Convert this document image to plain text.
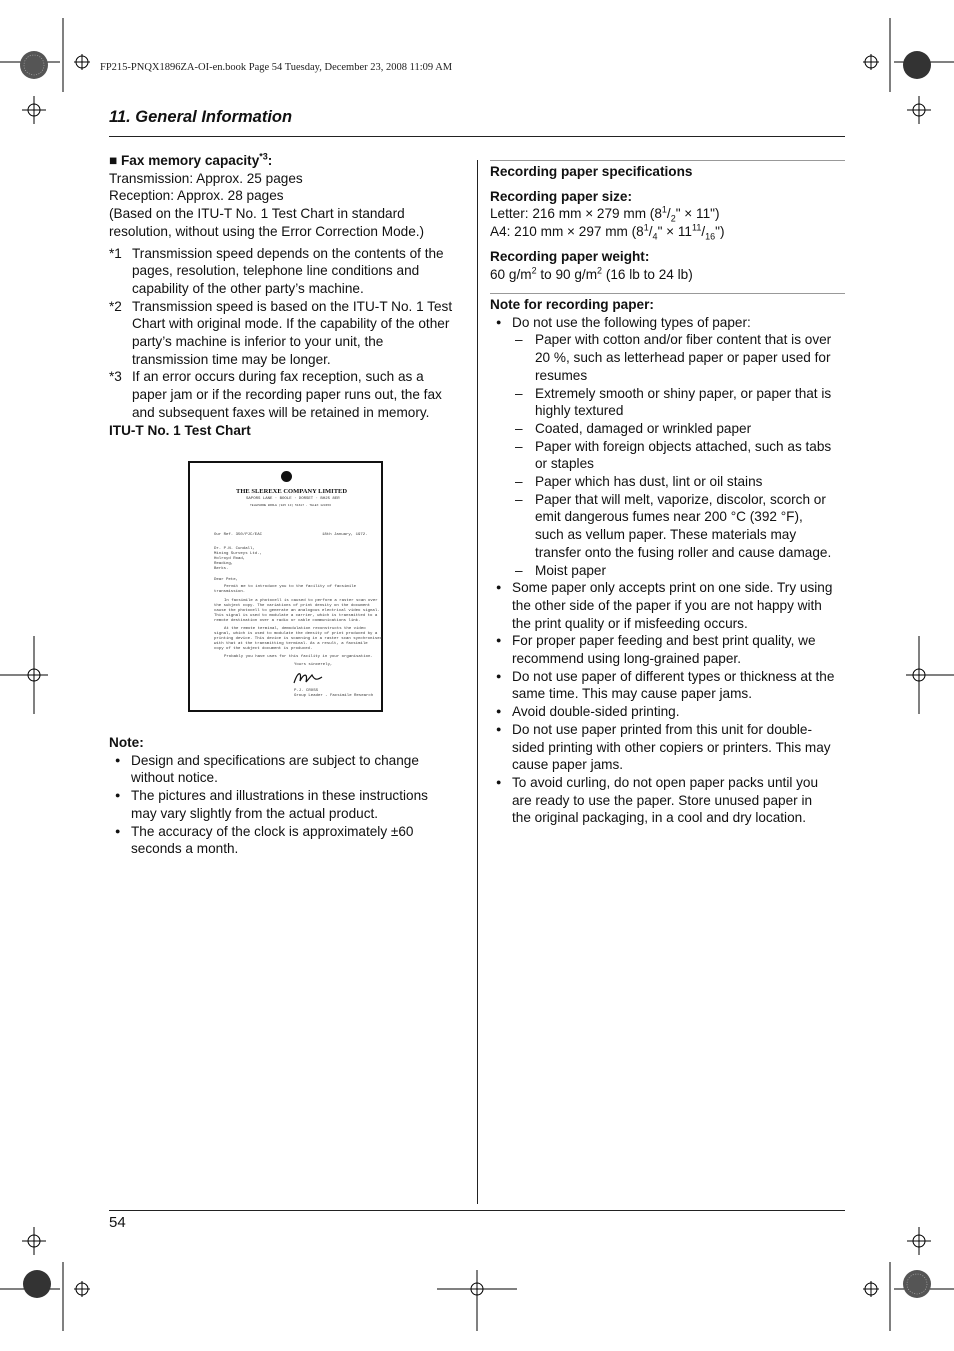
FP215-PNQX1896ZA-OI-en.book Page 54 Tuesday, December 23, 2008 11:09 AM
11. General Information
■ Fax memory capacity$^{*3}$:
Transmission: Approx. 25 pages
Reception: Approx. 28 pages
(Based on the ITU-T No. 1 Test Chart in standard
resolution, without using the Error Correction Mode.)
*1 Transmission speed depends on the contents of the
pages, resolution, telephone line conditions and
capability of the other party’s machine.
*2 Transmission speed is based on the ITU-T No. 1 Test
Chart with original mode. If the capability of the other
party’s machine is inferior to your unit, the
transmission time may be longer.
*3 If an error occurs during fax reception, such as a
paper jam or if the recording paper runs out, the fax
and subsequent faxes will be retained in memory.
ITU-T No. 1 Test Chart
THE SLEREXE COMPANY LIMITED
SAPORS LANE · BOOLE · DORSET · BH25 8ER
TELEPHONE BOOLE (945 13) 51617 · TELEX 123456
Our Ref. 350/PJC/EAC	18th January, 1972.
Dr. P.N. Cundall,
Mining Surveys Ltd.,
Holroyd Road,
Reading,
Berks.
Dear Pete,
Permit me to introduce you to the facility of facsimile
transmission.
In facsimile a photocell is caused to perform a raster scan over
the subject copy. The variations of print density on the document
cause the photocell to generate an analogous electrical video signal.
This signal is used to modulate a carrier, which is transmitted to a
remote destination over a radio or cable communications link.
At the remote terminal, demodulation reconstructs the video
signal, which is used to modulate the density of print produced by a
printing device. This device is scanning in a raster scan synchronised
with that at the transmitting terminal. As a result, a facsimile
copy of the subject document is produced.
Probably you have uses for this facility in your organisation.
Yours sincerely,
P.J. CROSS
Group Leader - Facsimile Research
Note:
● Design and specifications are subject to change
without notice.
● The pictures and illustrations in these instructions
may vary slightly from the actual product.
● The accuracy of the clock is approximately ±60
seconds a month.
Recording paper specifications
Recording paper size:
Letter: 216 mm × 279 mm ($8^1/_2$" × 11")
A4: 210 mm × 297 mm ($8^1/_4$" × $11^{11}/_{16}$")
Recording paper weight:
60 $g/m^2$ to 90 $g/m^2$ (16 lb to 24 lb)
Note for recording paper:
● Do not use the following types of paper:
– Paper with cotton and/or fiber content that is over
20 %, such as letterhead paper or paper used for
resumes
– Extremely smooth or shiny paper, or paper that is
highly textured
– Coated, damaged or wrinkled paper
– Paper with foreign objects attached, such as tabs
or staples
– Paper which has dust, lint or oil stains
– Paper that will melt, vaporize, discolor, scorch or
emit dangerous fumes near 200 °C (392 °F),
such as vellum paper. These materials may
transfer onto the fusing roller and cause damage.
– Moist paper
● Some paper only accepts print on one side. Try using
the other side of the paper if you are not happy with
the print quality or if misfeeding occurs.
● For proper paper feeding and best print quality, we
recommend using long-grained paper.
● Do not use paper of different types or thickness at the
same time. This may cause paper jams.
● Avoid double-sided printing.
● Do not use paper printed from this unit for double-
sided printing with other copiers or printers. This may
cause paper jams.
● To avoid curling, do not open paper packs until you
are ready to use the paper. Store unused paper in
the original packaging, in a cool and dry location.
54
